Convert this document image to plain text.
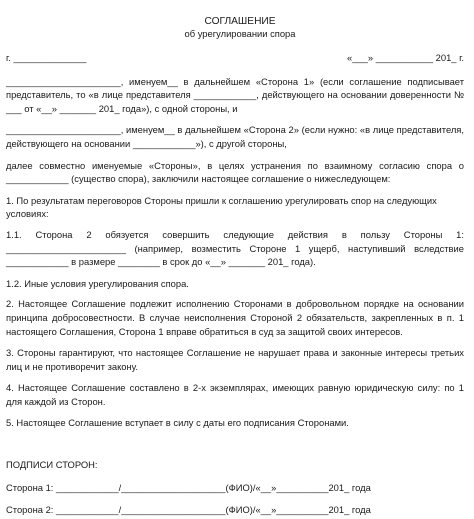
СОГЛАШЕНИЕ
об урегулировании спора
г. ______________	«___» ___________ 201_ г.
______________________, именуем__ в дальнейшем «Сторона 1» (если соглашение подписывает представитель, то «в лице представителя ____________, действующего на основании доверенности № ___ от «__» _______ 201_ года»), с одной стороны, и
______________________, именуем__ в дальнейшем «Сторона 2» (если нужно: «в лице представителя, действующего на основании ____________»), с другой стороны,
далее совместно именуемые «Стороны», в целях устранения по взаимному согласию спора о ____________ (существо спора), заключили настоящее соглашение о нижеследующем:
1. По результатам переговоров Стороны пришли к соглашению урегулировать спор на следующих условиях:
1.1. Сторона 2 обязуется совершить следующие действия в пользу Стороны 1: _______________________ (например, возместить Стороне 1 ущерб, наступивший вследствие ____________ в размере ________ в срок до «__» _______ 201_ года).
1.2. Иные условия урегулирования спора.
2. Настоящее Соглашение подлежит исполнению Сторонами в добровольном порядке на основании принципа добросовестности. В случае неисполнения Стороной 2 обязательств, закрепленных в п. 1 настоящего Соглашения, Сторона 1 вправе обратиться в суд за защитой своих интересов.
3. Стороны гарантируют, что настоящее Соглашение не нарушает права и законные интересы третьих лиц и не противоречит закону.
4. Настоящее Соглашение составлено в 2-х экземплярах, имеющих равную юридическую силу: по 1 для каждой из Сторон.
5. Настоящее Соглашение вступает в силу с даты его подписания Сторонами.
ПОДПИСИ СТОРОН:
Сторона 1: ____________/____________________(ФИО)/«__»__________201_ года
Сторона 2: ____________/____________________(ФИО)/«__»__________201_ года
